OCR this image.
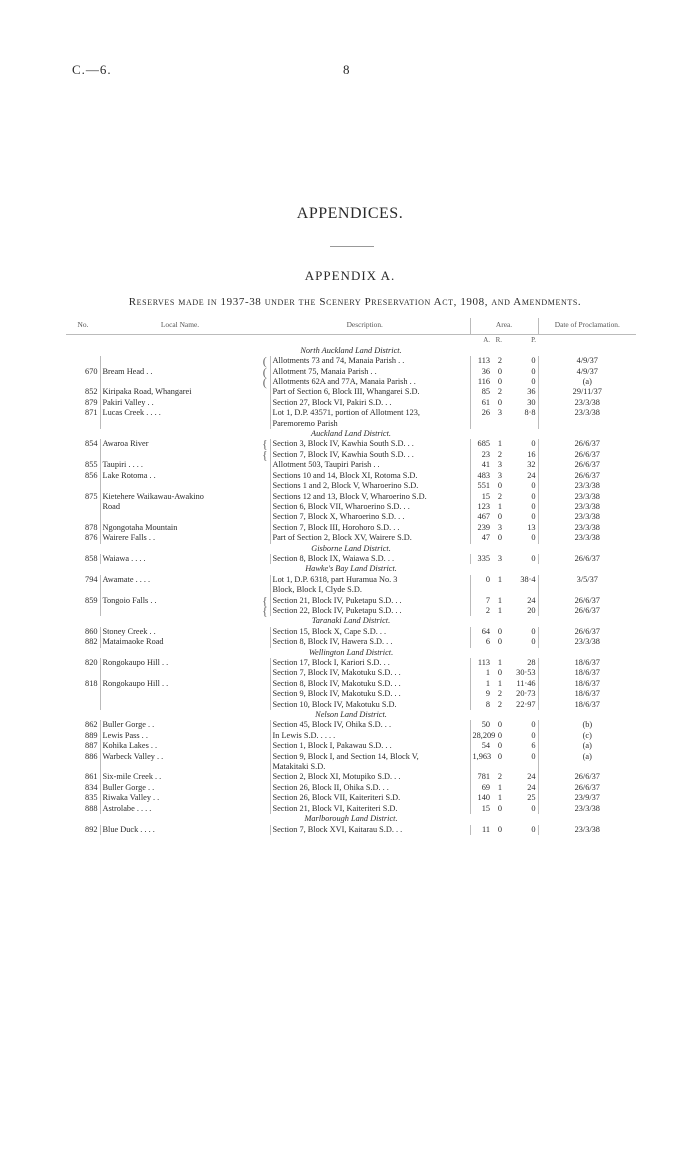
C.—6.	8
APPENDICES.
APPENDIX A.
Reserves made in 1937-38 under the Scenery Preservation Act, 1908, and Amendments.
No.	Local Name.	Description.		Area.			Date of Proclamation.
				A.	R.	P.	
North Auckland Land District.							
		(	Allotments 73 and 74, Manaia Parish . .	113	2	0	4/9/37
670	Bream Head . .	(	Allotment 75, Manaia Parish . .	36	0	0	4/9/37
		(	Allotments 62A and 77A, Manaia Parish . .	116	0	0	(a)
852	Kiripaka Road, Whangarei		Part of Section 6, Block III, Whangarei S.D.	85	2	36	29/11/37
879	Pakiri Valley . .		Section 27, Block VI, Pakiri S.D. . .	61	0	30	23/3/38
871	Lucas Creek . . . .		Lot 1, D.P. 43571, portion of Allotment 123,	26	3	8·8	23/3/38
			Paremoremo Parish				
Auckland Land District.							
854	Awaroa River	{	Section 3, Block IV, Kawhia South S.D. . .	685	1	0	26/6/37
		{	Section 7, Block IV, Kawhia South S.D. . .	23	2	16	26/6/37
855	Taupiri . . . .		Allotment 503, Taupiri Parish . .	41	3	32	26/6/37
856	Lake Rotoma . .		Sections 10 and 14, Block XI, Rotoma S.D.	483	3	24	26/6/37
			Sections 1 and 2, Block V, Wharoerino S.D.	551	0	0	23/3/38
875	Kietehere Waikawau-Awakino		Sections 12 and 13, Block V, Wharoerino S.D.	15	2	0	23/3/38
	Road		Section 6, Block VII, Wharoerino S.D. . .	123	1	0	23/3/38
			Section 7, Block X, Wharoerino S.D. . .	467	0	0	23/3/38
878	Ngongotaha Mountain		Section 7, Block III, Horohoro S.D. . .	239	3	13	23/3/38
876	Wairere Falls . .		Part of Section 2, Block XV, Wairere S.D.	47	0	0	23/3/38
Gisborne Land District.							
858	Waiawa . . . .		Section 8, Block IX, Waiawa S.D. . .	335	3	0	26/6/37
Hawke's Bay Land District.							
794	Awamate . . . .		Lot 1, D.P. 6318, part Huramua No. 3	0	1	38·4	3/5/37
			Block, Block I, Clyde S.D.				
859	Tongoio Falls . .	{	Section 21, Block IV, Puketapu S.D. . .	7	1	24	26/6/37
		{	Section 22, Block IV, Puketapu S.D. . .	2	1	20	26/6/37
Taranaki Land District.							
860	Stoney Creek . .		Section 15, Block X, Cape S.D. . .	64	0	0	26/6/37
882	Mataimaoke Road		Section 8, Block IV, Hawera S.D. . .	6	0	0	23/3/38
Wellington Land District.							
820	Rongokaupo Hill . .		Section 17, Block I, Kariori S.D. . .	113	1	28	18/6/37
			Section 7, Block IV, Makotuku S.D. . .	1	0	30·53	18/6/37
818	Rongokaupo Hill . .		Section 8, Block IV, Makotuku S.D. . .	1	1	11·46	18/6/37
			Section 9, Block IV, Makotuku S.D. . .	9	2	20·73	18/6/37
			Section 10, Block IV, Makotuku S.D.	8	2	22·97	18/6/37
Nelson Land District.							
862	Buller Gorge . .		Section 45, Block IV, Ohika S.D. . .	50	0	0	(b)
889	Lewis Pass . .		In Lewis S.D. . . . .	28,209	0	0	(c)
887	Kohika Lakes . .		Section 1, Block I, Pakawau S.D. . .	54	0	6	(a)
886	Warbeck Valley . .		Section 9, Block I, and Section 14, Block V,	1,963	0	0	(a)
			Matakitaki S.D.				
861	Six-mile Creek . .		Section 2, Block XI, Motupiko S.D. . .	781	2	24	26/6/37
834	Buller Gorge . .		Section 26, Block II, Ohika S.D. . .	69	1	24	26/6/37
835	Riwaka Valley . .		Section 26, Block VII, Kaiteriteri S.D.	140	1	25	23/9/37
888	Astrolabe . . . .		Section 21, Block VI, Kaiteriteri S.D.	15	0	0	23/3/38
Marlborough Land District.							
892	Blue Duck . . . .		Section 7, Block XVI, Kaitarau S.D. . .	11	0	0	23/3/38
